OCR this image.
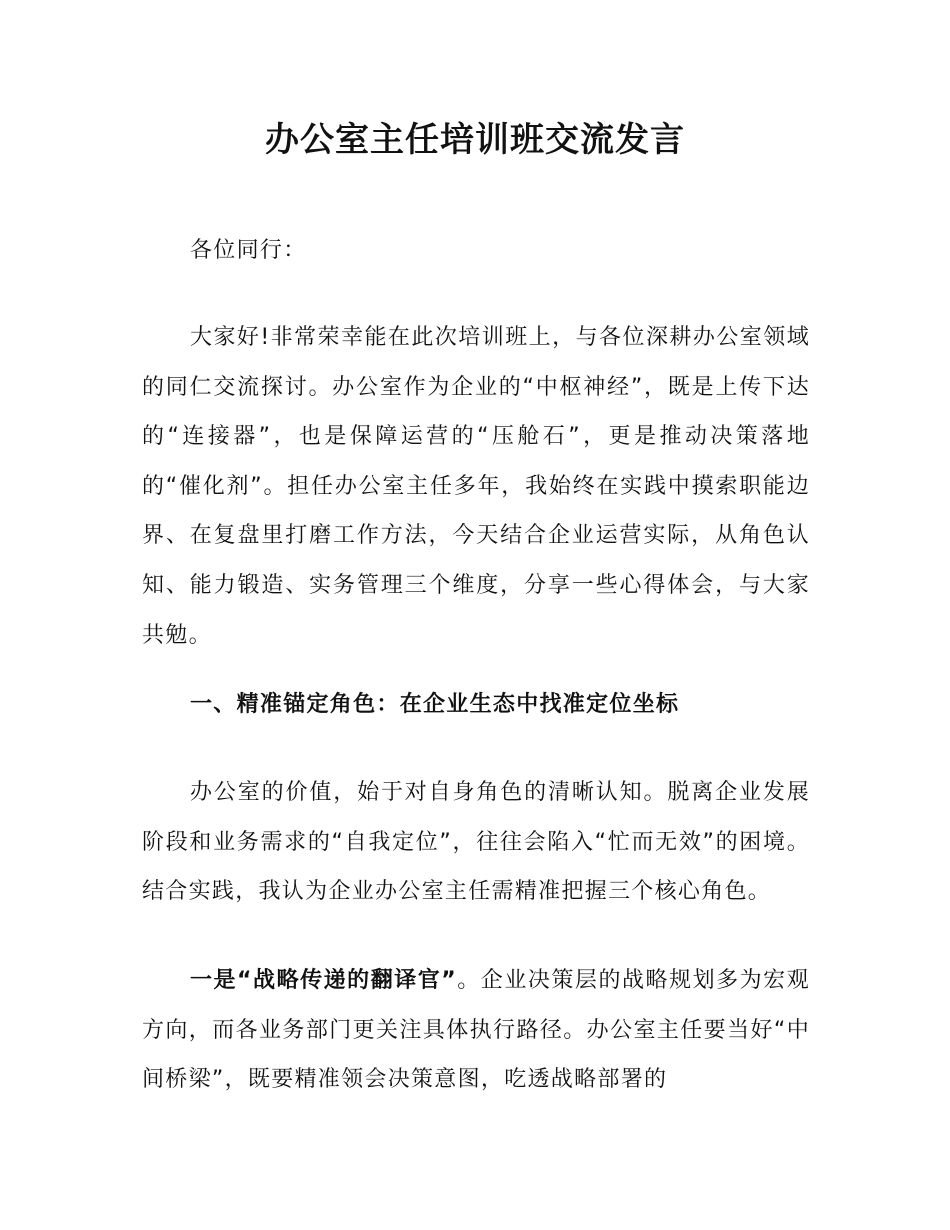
办公室主任培训班交流发言

各位同行：

大家好!非常荣幸能在此次培训班上，与各位深耕办公室领域的同仁交流探讨。办公室作为企业的“中枢神经”，既是上传下达的“连接器”，也是保障运营的“压舱石”，更是推动决策落地的“催化剂”。担任办公室主任多年，我始终在实践中摸索职能边界、在复盘里打磨工作方法，今天结合企业运营实际，从角色认知、能力锻造、实务管理三个维度，分享一些心得体会，与大家共勉。

一、精准锚定角色：在企业生态中找准定位坐标

办公室的价值，始于对自身角色的清晰认知。脱离企业发展阶段和业务需求的“自我定位”，往往会陷入“忙而无效”的困境。结合实践，我认为企业办公室主任需精准把握三个核心角色。

一是“战略传递的翻译官”。企业决策层的战略规划多为宏观方向，而各业务部门更关注具体执行路径。办公室主任要当好“中间桥梁”，既要精准领会决策意图，吃透战略部署的
